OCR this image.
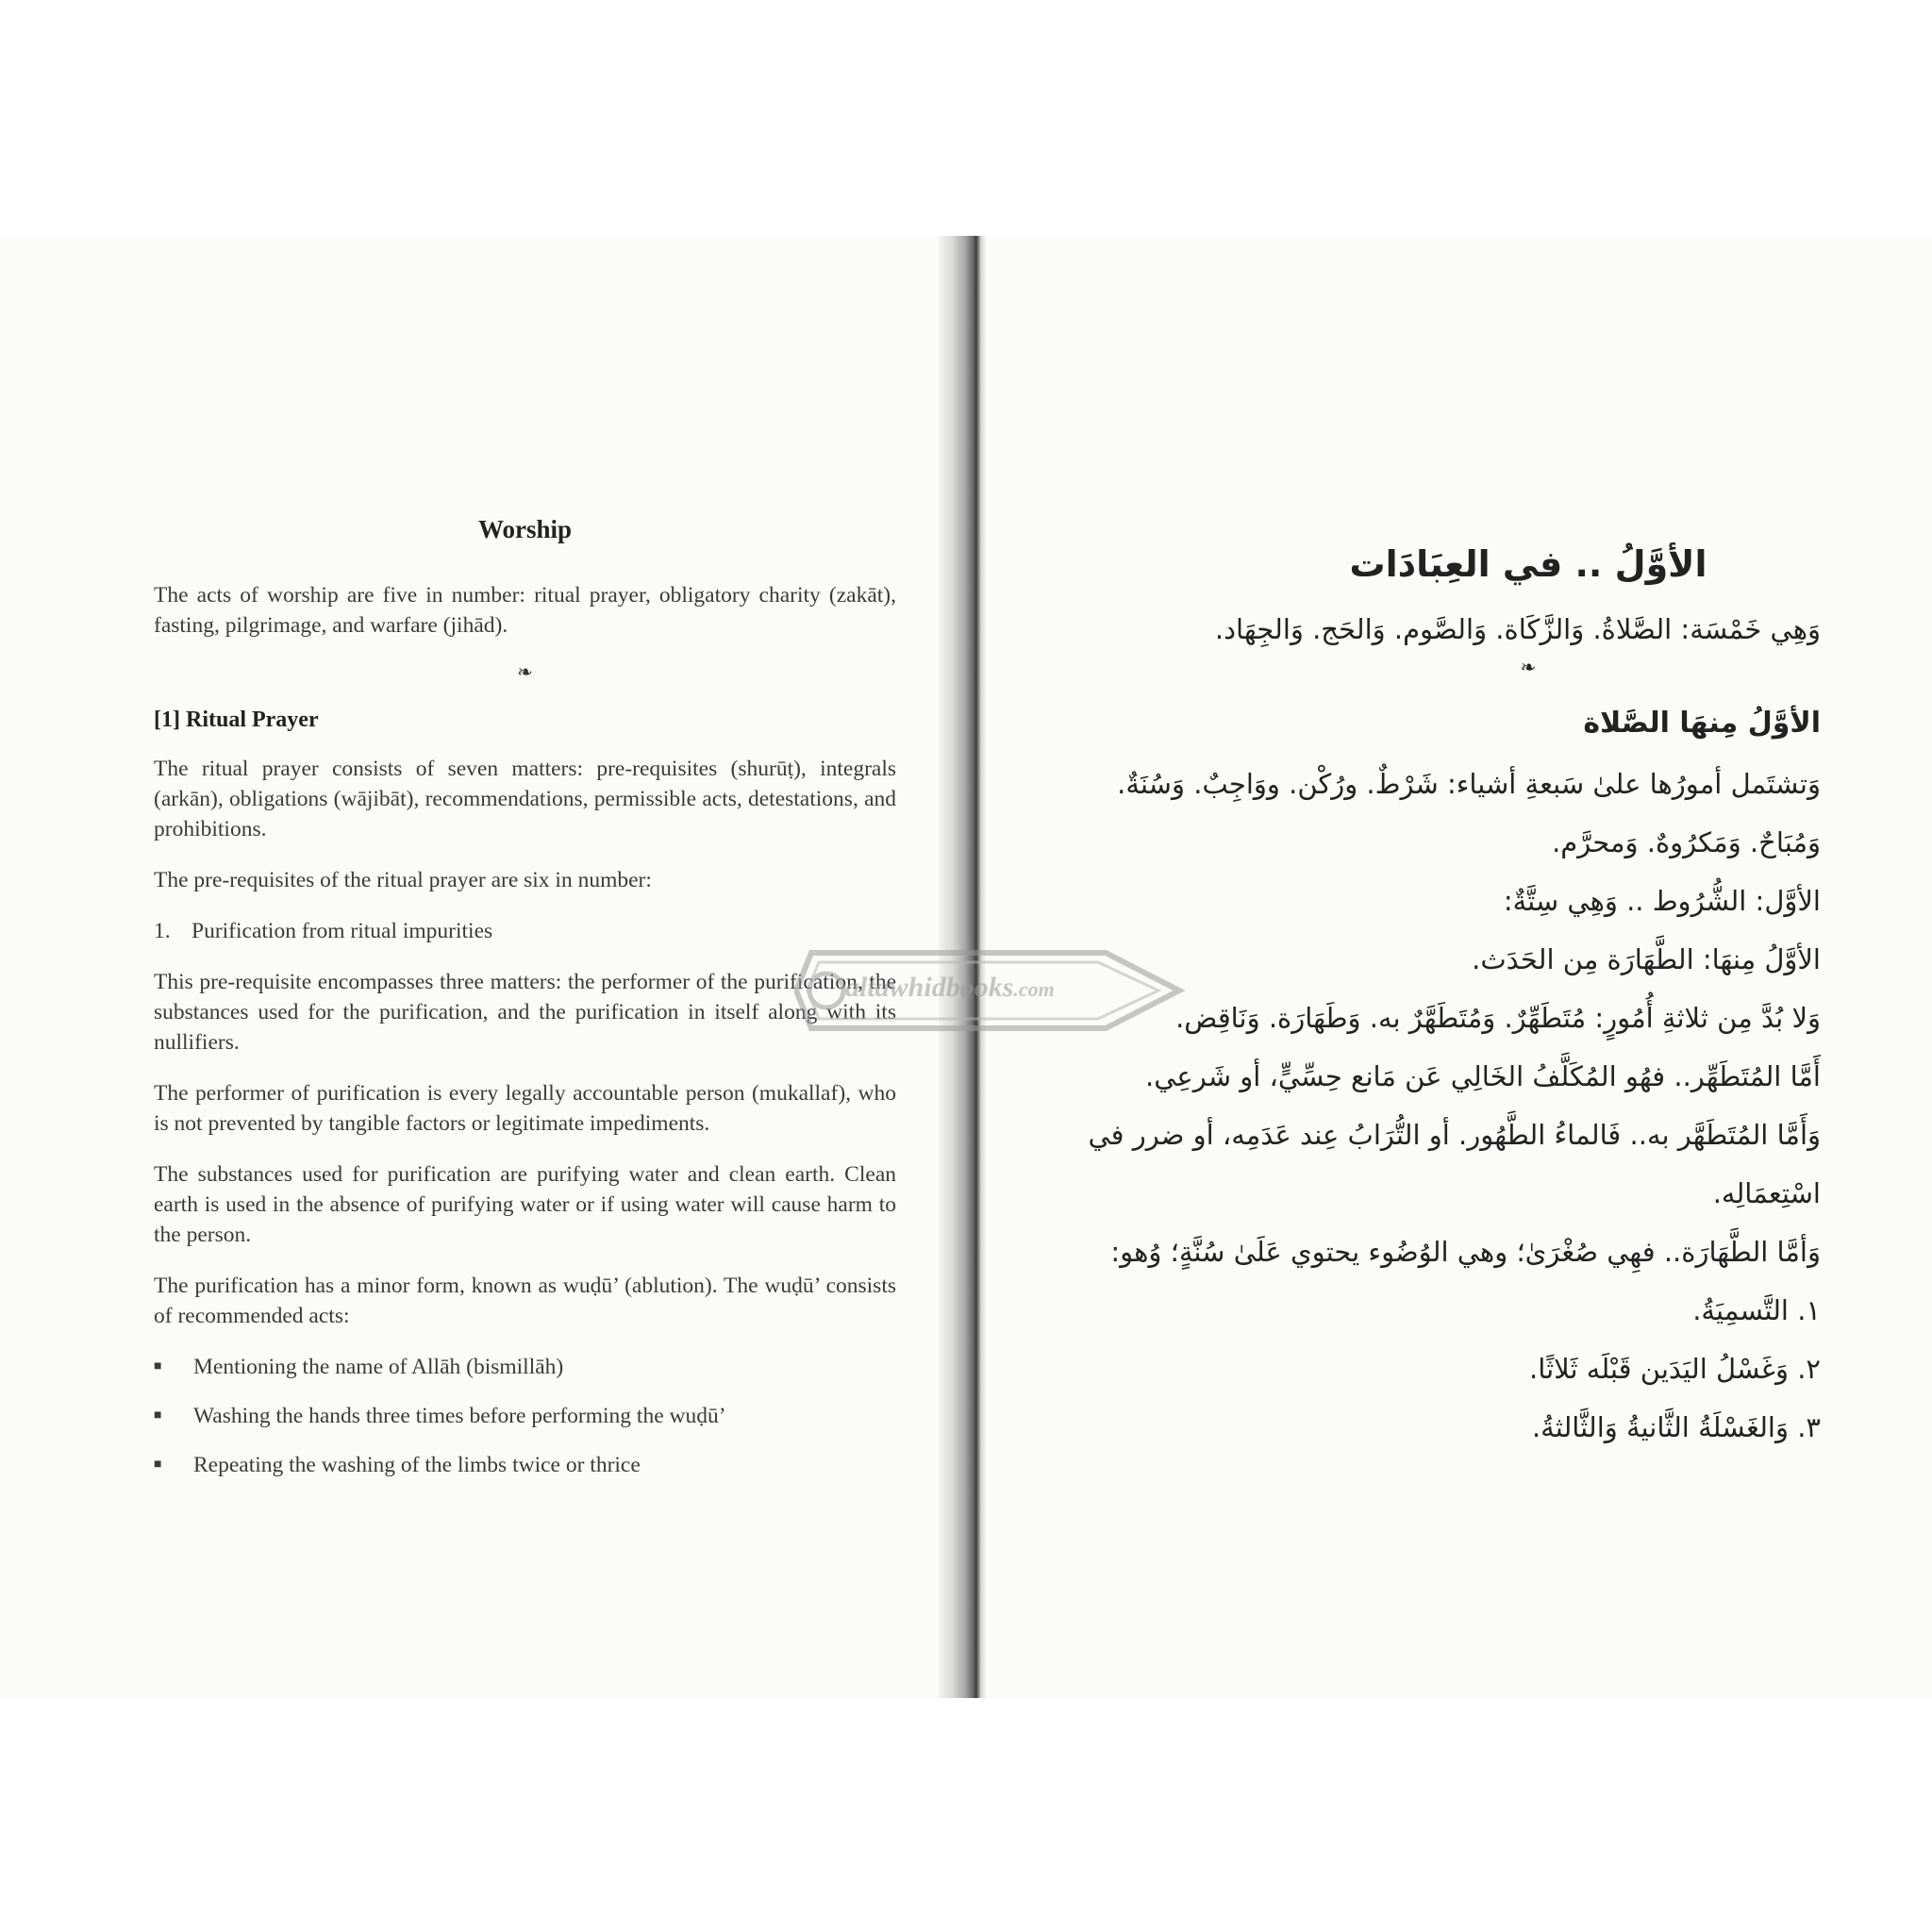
Worship

The acts of worship are five in number: ritual prayer, obligatory charity (zakāt), fasting, pilgrimage, and warfare (jihād).

❧
[1] Ritual Prayer

The ritual prayer consists of seven matters: pre-requisites (shurūṭ), integrals (arkān), obligations (wājibāt), recommendations, permissible acts, detestations, and prohibitions.

The pre-requisites of the ritual prayer are six in number:

1. Purification from ritual impurities

This pre-requisite encompasses three matters: the performer of the purification, the substances used for the purification, and the purification in itself along with its nullifiers.

The performer of purification is every legally accountable person (mukallaf), who is not prevented by tangible factors or legitimate impediments.

The substances used for purification are purifying water and clean earth. Clean earth is used in the absence of purifying water or if using water will cause harm to the person.

The purification has a minor form, known as wuḍū’ (ablution). The wuḍū’ consists of recommended acts:

■	Mentioning the name of Allāh (bismillāh)
■	Washing the hands three times before performing the wuḍū’
■	Repeating the washing of the limbs twice or thrice
الأوَّلُ .. في العِبَادَات

وَهِي خَمْسَة: الصَّلاةُ. وَالزَّكَاة. وَالصَّوم. وَالحَج. وَالجِهَاد.

❧
الأوَّلُ مِنهَا الصَّلاة

وَتشتَمل أمورُها علىٰ سَبعةِ أشياء: شَرْطٌ. ورُكْن. ووَاجِبٌ. وَسُنَةٌ.

وَمُبَاحٌ. وَمَكرُوهٌ. وَمحرَّم.

الأوَّل: الشُّرُوط .. وَهِي سِتَّةٌ:

الأوَّلُ مِنهَا: الطَّهَارَة مِن الحَدَث.

وَلا بُدَّ مِن ثلاثةِ أُمُورٍ: مُتَطَهِّرٌ. وَمُتَطَهَّرٌ به. وَطَهَارَة. وَنَاقِض.

أَمَّا المُتَطَهِّر.. فهُو المُكَلَّفُ الخَالِي عَن مَانع حِسِّيٍّ، أو شَرعِي.

وَأَمَّا المُتَطَهَّر به.. فَالماءُ الطَّهُور. أو التُّرَابُ عِند عَدَمِه، أو ضرر في اسْتِعمَالِه.

وَأمَّا الطَّهَارَة.. فهِي صُغْرَىٰ؛ وهي الوُضُوء يحتوي عَلَىٰ سُنَّةٍ؛ وُهو:

١. التَّسمِيَةُ.

٢. وَغَسْلُ اليَدَين قَبْلَه ثَلاثًا.

٣. وَالغَسْلَةُ الثَّانيةُ وَالثَّالثةُ.

altawhidbooks.com
